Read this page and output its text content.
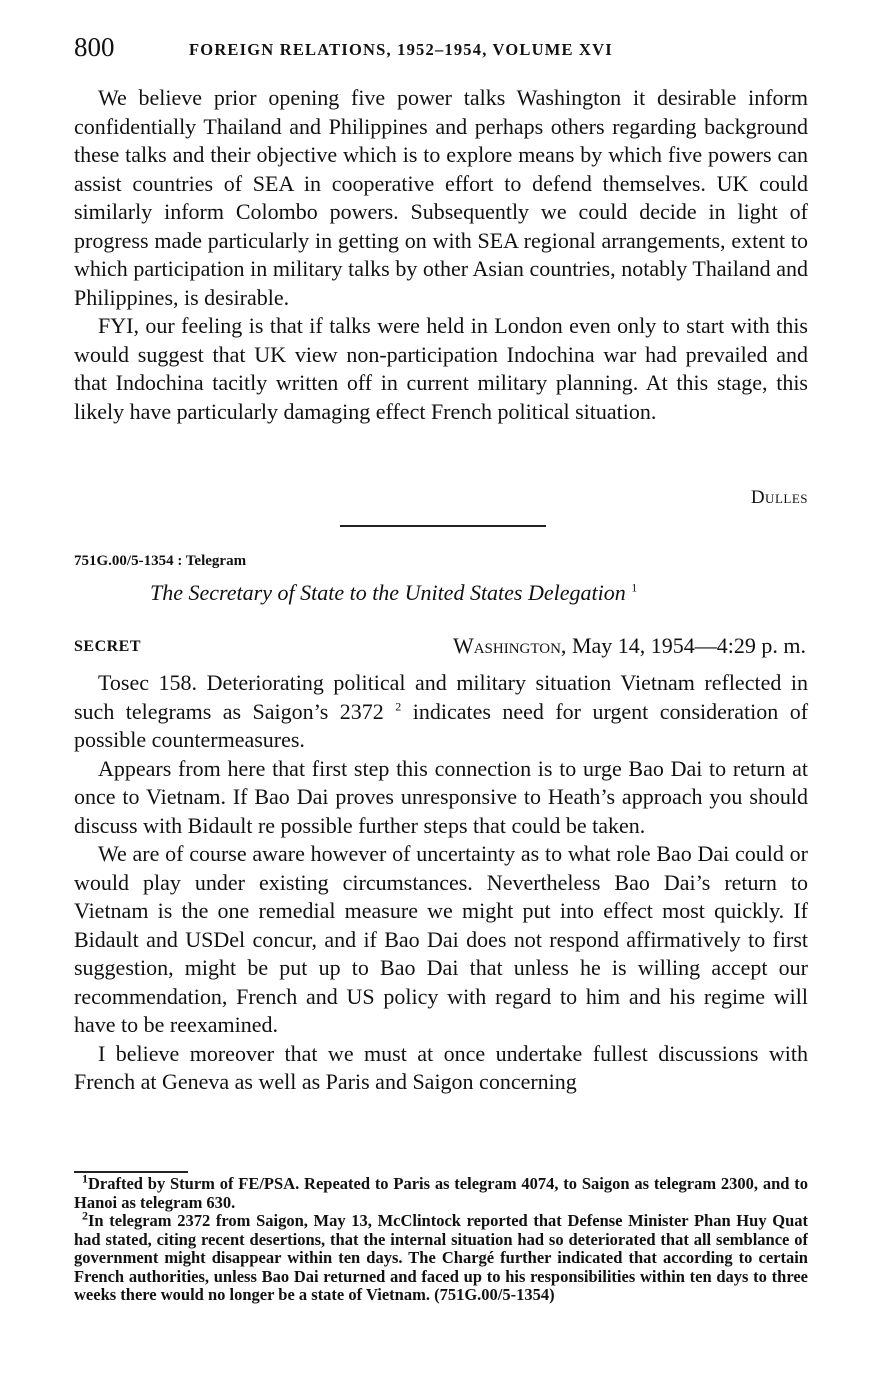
800	FOREIGN RELATIONS, 1952–1954, VOLUME XVI

We believe prior opening five power talks Washington it desirable inform confidentially Thailand and Philippines and perhaps others regarding background these talks and their objective which is to explore means by which five powers can assist countries of SEA in cooperative effort to defend themselves. UK could similarly inform Colombo powers. Subsequently we could decide in light of progress made particularly in getting on with SEA regional arrangements, extent to which participation in military talks by other Asian countries, notably Thailand and Philippines, is desirable.

FYI, our feeling is that if talks were held in London even only to start with this would suggest that UK view non-participation Indochina war had prevailed and that Indochina tacitly written off in current military planning. At this stage, this likely have particularly damaging effect French political situation.

Dulles
751G.00/5-1354 : Telegram
The Secretary of State to the United States Delegation $^1$
SECRET	Washington, May 14, 1954—4:29 p. m.

Tosec 158. Deteriorating political and military situation Vietnam reflected in such telegrams as Saigon’s 2372 $^2$ indicates need for urgent consideration of possible countermeasures.

Appears from here that first step this connection is to urge Bao Dai to return at once to Vietnam. If Bao Dai proves unresponsive to Heath’s approach you should discuss with Bidault re possible further steps that could be taken.

We are of course aware however of uncertainty as to what role Bao Dai could or would play under existing circumstances. Nevertheless Bao Dai’s return to Vietnam is the one remedial measure we might put into effect most quickly. If Bidault and USDel concur, and if Bao Dai does not respond affirmatively to first suggestion, might be put up to Bao Dai that unless he is willing accept our recommendation, French and US policy with regard to him and his regime will have to be reexamined.

I believe moreover that we must at once undertake fullest discussions with French at Geneva as well as Paris and Saigon concerning

$^1$Drafted by Sturm of FE/PSA. Repeated to Paris as telegram 4074, to Saigon as telegram 2300, and to Hanoi as telegram 630.

$^2$In telegram 2372 from Saigon, May 13, McClintock reported that Defense Minister Phan Huy Quat had stated, citing recent desertions, that the internal situation had so deteriorated that all semblance of government might disappear within ten days. The Chargé further indicated that according to certain French authorities, unless Bao Dai returned and faced up to his responsibilities within ten days to three weeks there would no longer be a state of Vietnam. (751G.00/5-1354)
